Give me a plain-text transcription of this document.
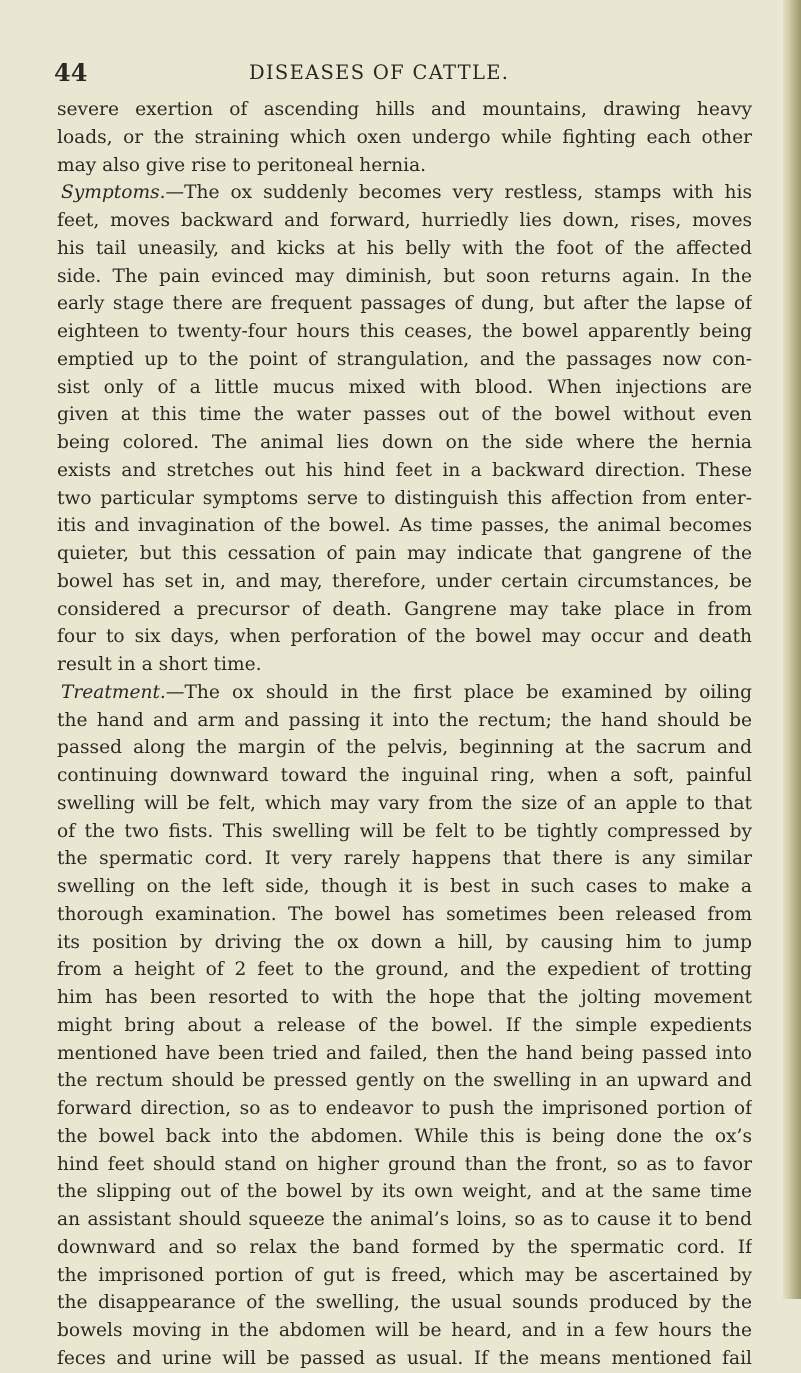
44	DISEASES OF CATTLE.
severe exertion of ascending hills and mountains, drawing heavy
loads, or the straining which oxen undergo while fighting each other
may also give rise to peritoneal hernia.
Symptoms.—The ox suddenly becomes very restless, stamps with his
feet, moves backward and forward, hurriedly lies down, rises, moves
his tail uneasily, and kicks at his belly with the foot of the affected
side. The pain evinced may diminish, but soon returns again. In the
early stage there are frequent passages of dung, but after the lapse of
eighteen to twenty-four hours this ceases, the bowel apparently being
emptied up to the point of strangulation, and the passages now con-
sist only of a little mucus mixed with blood. When injections are
given at this time the water passes out of the bowel without even
being colored. The animal lies down on the side where the hernia
exists and stretches out his hind feet in a backward direction. These
two particular symptoms serve to distinguish this affection from enter-
itis and invagination of the bowel. As time passes, the animal becomes
quieter, but this cessation of pain may indicate that gangrene of the
bowel has set in, and may, therefore, under certain circumstances, be
considered a precursor of death. Gangrene may take place in from
four to six days, when perforation of the bowel may occur and death
result in a short time.
Treatment.—The ox should in the first place be examined by oiling
the hand and arm and passing it into the rectum; the hand should be
passed along the margin of the pelvis, beginning at the sacrum and
continuing downward toward the inguinal ring, when a soft, painful
swelling will be felt, which may vary from the size of an apple to that
of the two fists. This swelling will be felt to be tightly compressed by
the spermatic cord. It very rarely happens that there is any similar
swelling on the left side, though it is best in such cases to make a
thorough examination. The bowel has sometimes been released from
its position by driving the ox down a hill, by causing him to jump
from a height of 2 feet to the ground, and the expedient of trotting
him has been resorted to with the hope that the jolting movement
might bring about a release of the bowel. If the simple expedients
mentioned have been tried and failed, then the hand being passed into
the rectum should be pressed gently on the swelling in an upward and
forward direction, so as to endeavor to push the imprisoned portion of
the bowel back into the abdomen. While this is being done the ox’s
hind feet should stand on higher ground than the front, so as to favor
the slipping out of the bowel by its own weight, and at the same time
an assistant should squeeze the animal’s loins, so as to cause it to bend
downward and so relax the band formed by the spermatic cord. If
the imprisoned portion of gut is freed, which may be ascertained by
the disappearance of the swelling, the usual sounds produced by the
bowels moving in the abdomen will be heard, and in a few hours the
feces and urine will be passed as usual. If the means mentioned fail
